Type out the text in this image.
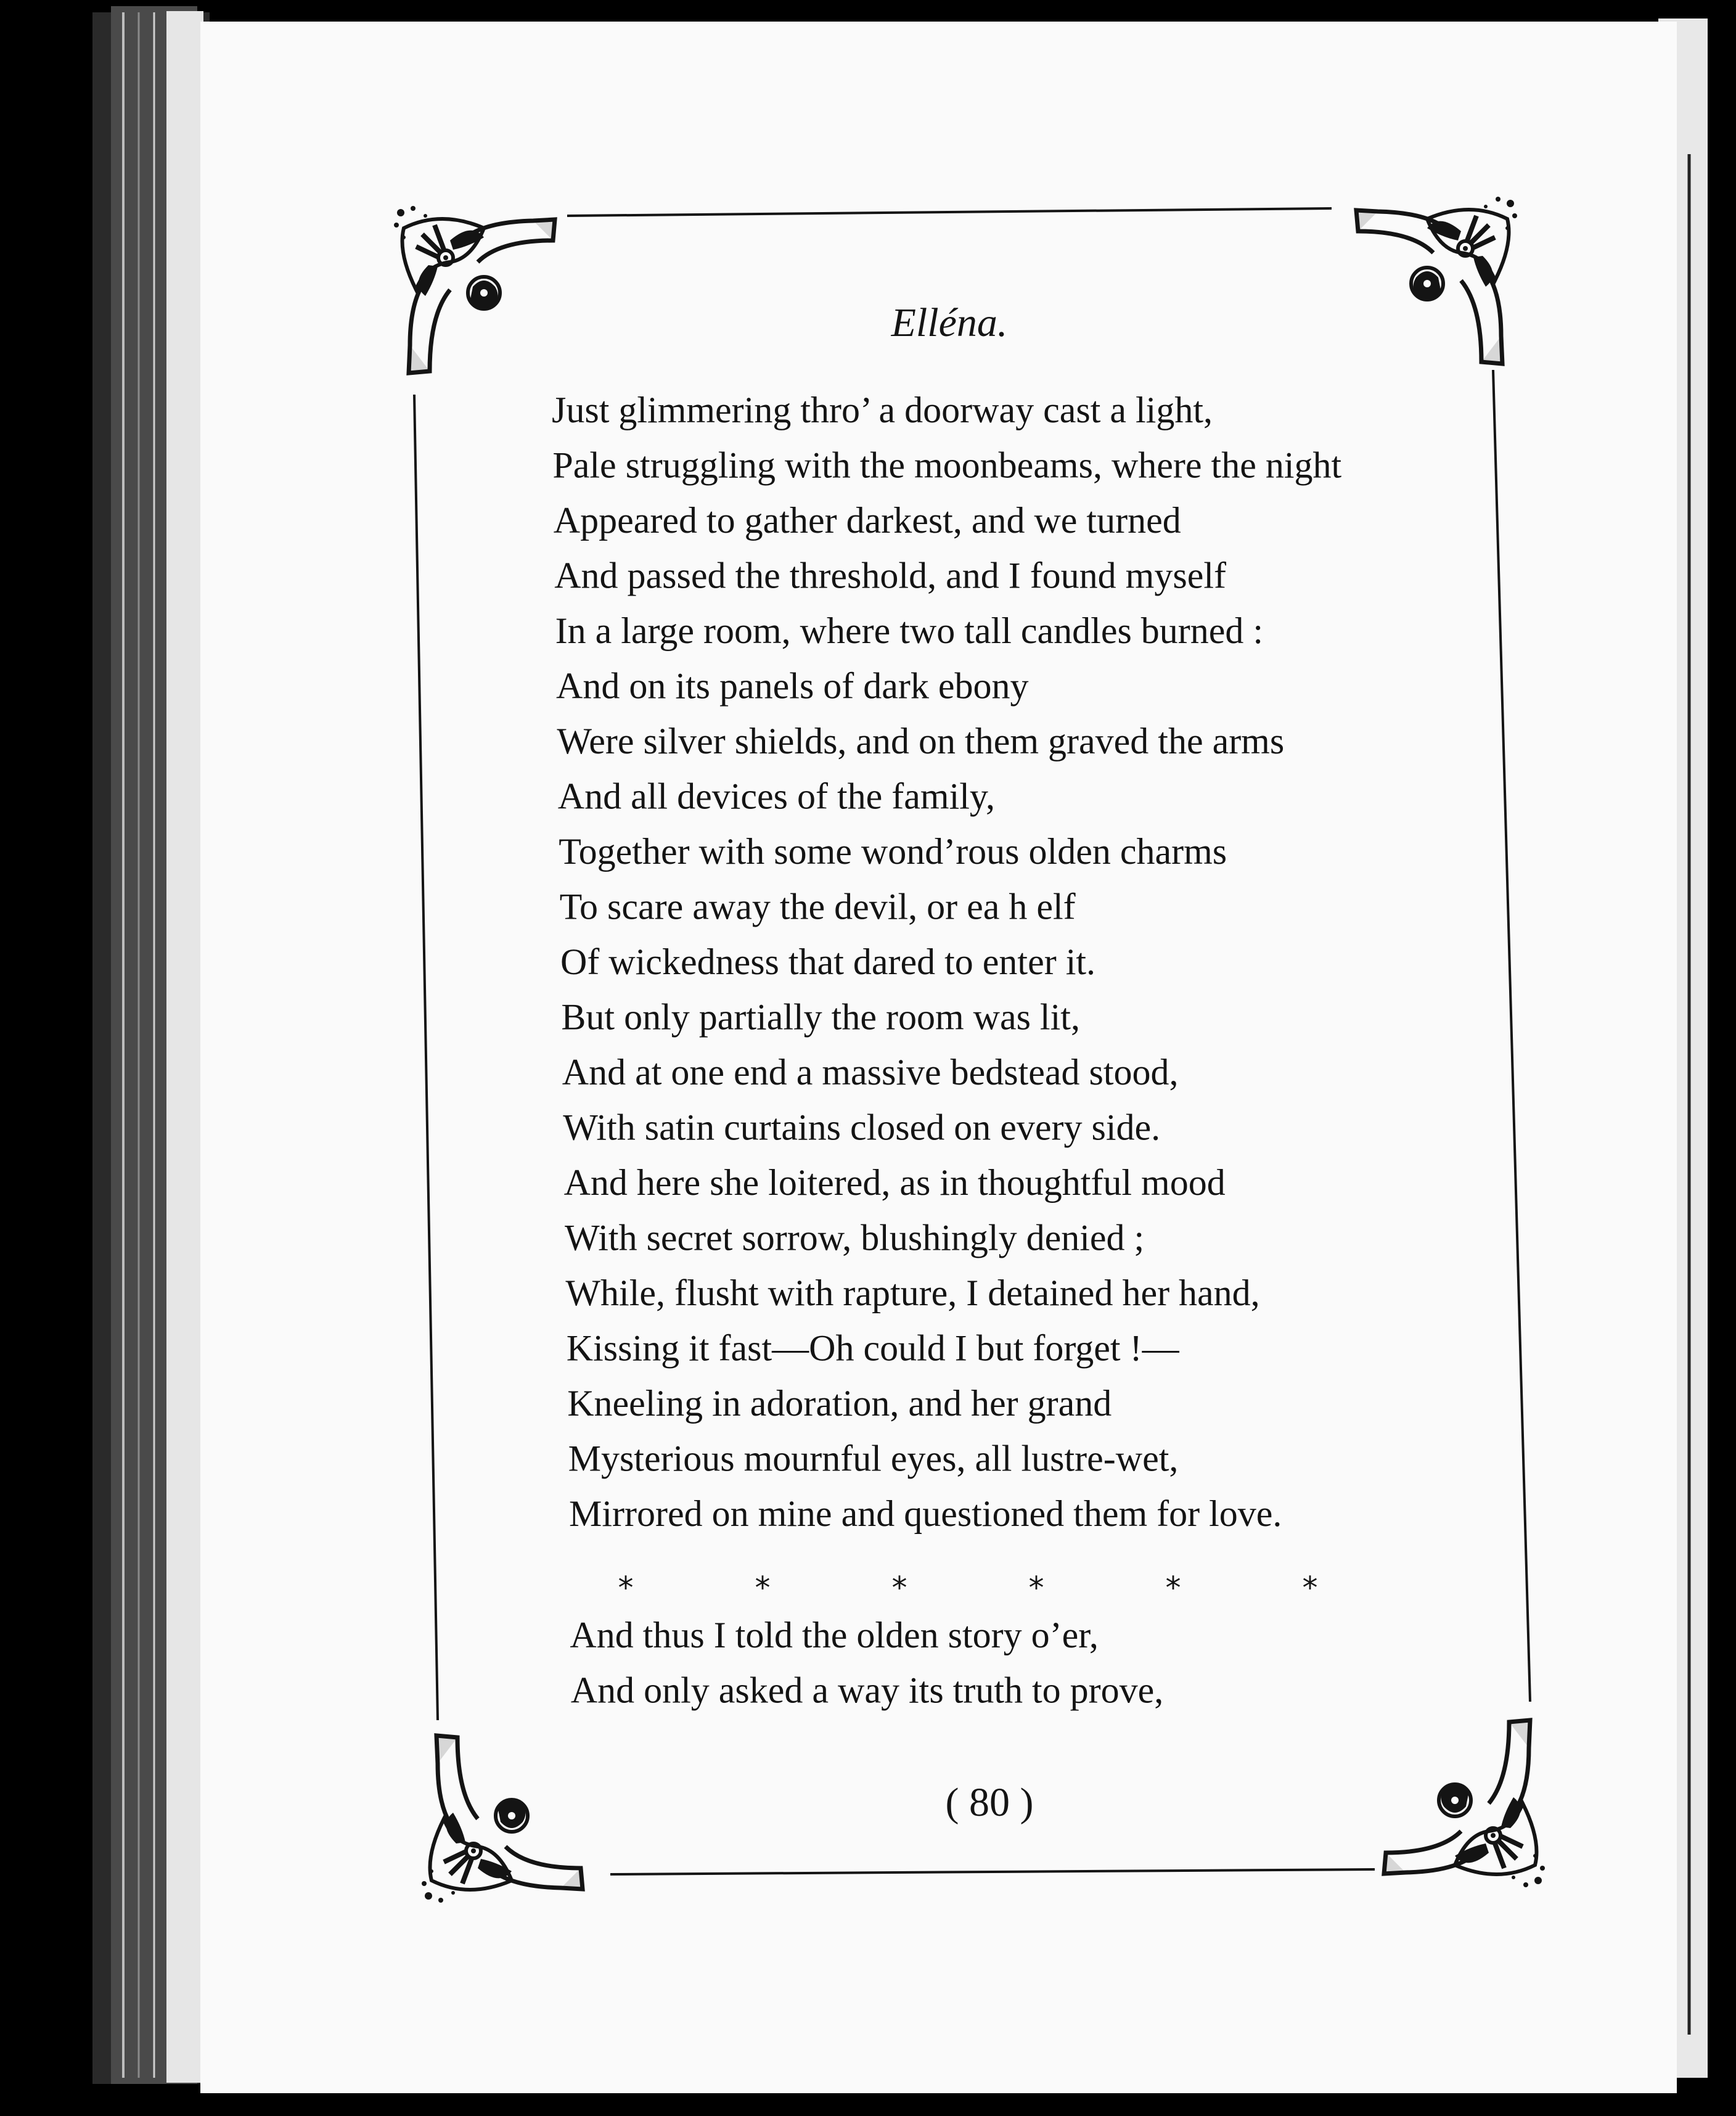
Elléna.
Just glimmering thro’ a doorway cast a light,
Pale struggling with the moonbeams, where the night
Appeared to gather darkest, and we turned
And passed the threshold, and I found myself
In a large room, where two tall candles burned :
And on its panels of dark ebony
Were silver shields, and on them graved the arms
And all devices of the family,
Together with some wond’rous olden charms
To scare away the devil, or ea h elf
Of wickedness that dared to enter it.
But only partially the room was lit,
And at one end a massive bedstead stood,
With satin curtains closed on every side.
And here she loitered, as in thoughtful mood
With secret sorrow, blushingly denied ;
While, flusht with rapture, I detained her hand,
Kissing it fast—Oh could I but forget !—
Kneeling in adoration, and her grand
Mysterious mournful eyes, all lustre-wet,
Mirrored on mine and questioned them for love.
And thus I told the olden story o’er,
And only asked a way its truth to prove,
*	*	*	*	*	*
( 80 )
